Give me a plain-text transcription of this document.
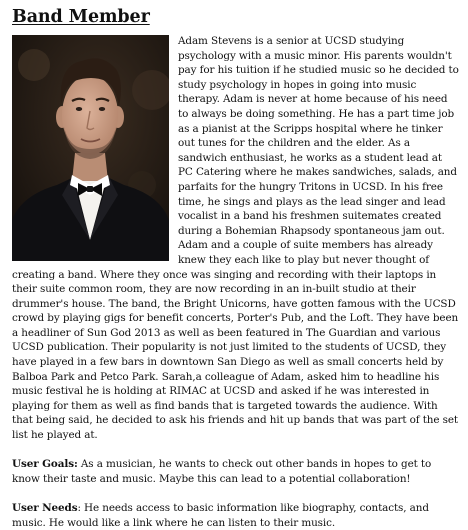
Band Member

Adam Stevens is a senior at UCSD studying psychology with a music minor. His parents wouldn't pay for his tuition if he studied music so he decided to study psychology in hopes in going into music therapy. Adam is never at home because of his need to always be doing something. He has a part time job as a pianist at the Scripps hospital where he tinker out tunes for the children and the elder. As a sandwich enthusiast, he works as a student lead at PC Catering where he makes sandwiches, salads, and parfaits for the hungry Tritons in UCSD. In his free time, he sings and plays as the lead singer and lead vocalist in a band his freshmen suitemates created during a Bohemian Rhapsody spontaneous jam out. Adam and a couple of suite members has already knew they each like to play but never thought of creating a band. Where they once was singing and recording with their laptops in their suite common room, they are now recording in an in-built studio at their drummer's house. The band, the Bright Unicorns, have gotten famous with the UCSD crowd by playing gigs for benefit concerts, Porter's Pub, and the Loft. They have been a headliner of Sun God 2013 as well as been featured in The Guardian and various UCSD publication. Their popularity is not just limited to the students of UCSD, they have played in a few bars in downtown San Diego as well as small concerts held by Balboa Park and Petco Park. Sarah,a colleague of Adam, asked him to headline his music festival he is holding at RIMAC at UCSD and asked if he was interested in playing for them as well as find bands that is targeted towards the audience. With that being said, he decided to ask his friends and hit up bands that was part of the set list he played at.

User Goals: As a musician, he wants to check out other bands in hopes to get to know their taste and music. Maybe this can lead to a potential collaboration!

User Needs: He needs access to basic information like biography, contacts, and music. He would like a link where he can listen to their music.
